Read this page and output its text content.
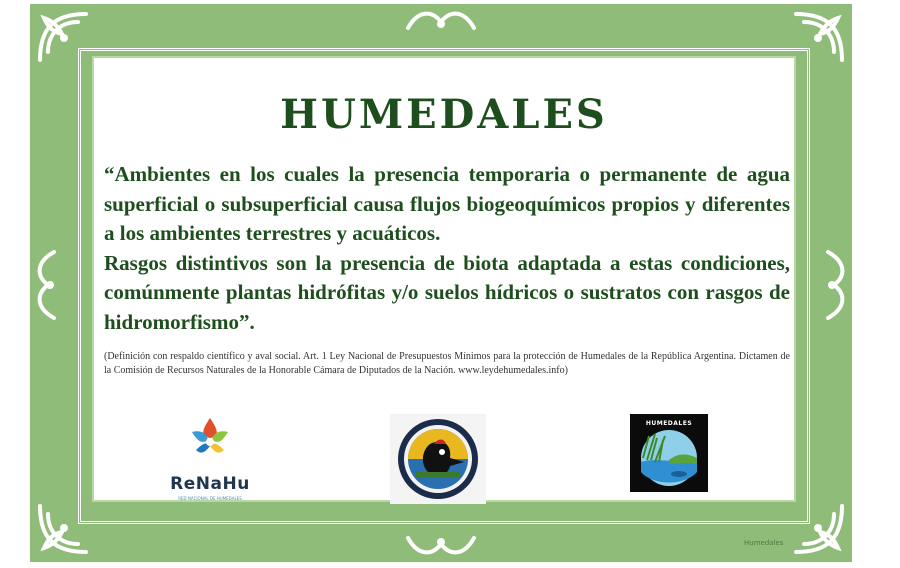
Humedales
HUMEDALES

“Ambientes en los cuales la presencia temporaria o permanente de agua superficial o subsuperficial causa flujos biogeoquímicos propios y diferentes a los ambientes terrestres y acuáticos.

Rasgos distintivos son la presencia de biota adaptada a estas condiciones, comúnmente plantas hidrófitas y/o suelos hídricos o sustratos con rasgos de hidromorfismo”.

(Definición con respaldo científico y aval social. Art. 1 Ley Nacional de Presupuestos Mínimos para la protección de Humedales de la República Argentina. Dictamen de la Comisión de Recursos Naturales de la Honorable Cámara de Diputados de la Nación. www.leydehumedales.info)

ReNaHu
RED NACIONAL DE HUMEDALES
HUMEDALES
